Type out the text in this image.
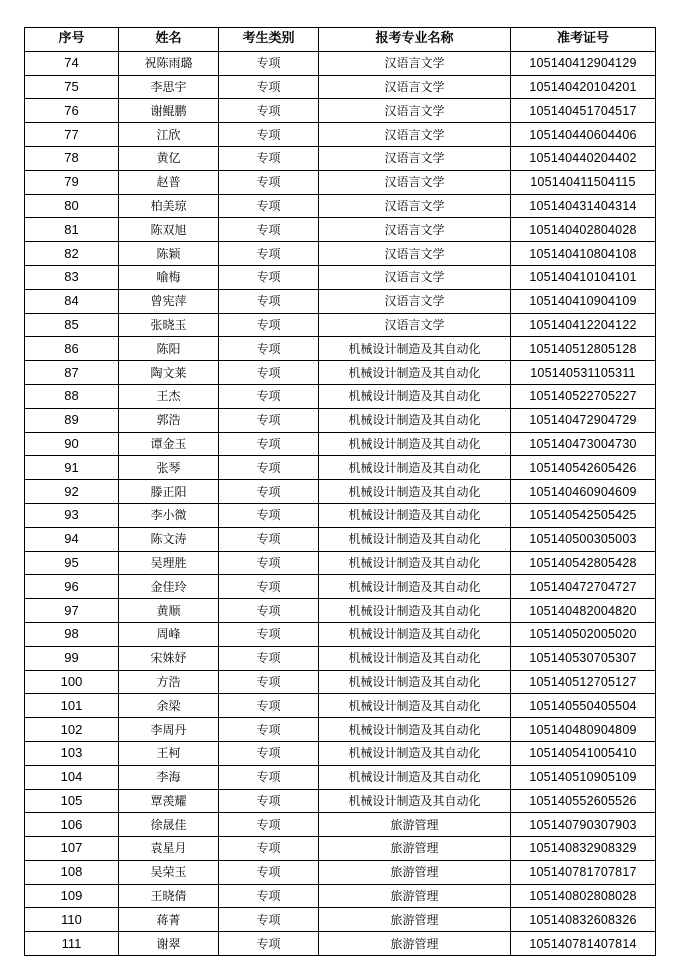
序号	姓名	考生类别	报考专业名称	准考证号
74	祝陈雨璐	专项	汉语言文学	105140412904129
75	李思宇	专项	汉语言文学	105140420104201
76	谢鲲鹏	专项	汉语言文学	105140451704517
77	江欣	专项	汉语言文学	105140440604406
78	黄亿	专项	汉语言文学	105140440204402
79	赵普	专项	汉语言文学	105140411504115
80	柏美琼	专项	汉语言文学	105140431404314
81	陈双旭	专项	汉语言文学	105140402804028
82	陈颖	专项	汉语言文学	105140410804108
83	喻梅	专项	汉语言文学	105140410104101
84	曾宪萍	专项	汉语言文学	105140410904109
85	张晓玉	专项	汉语言文学	105140412204122
86	陈阳	专项	机械设计制造及其自动化	105140512805128
87	陶文莱	专项	机械设计制造及其自动化	105140531105311
88	王杰	专项	机械设计制造及其自动化	105140522705227
89	郭浩	专项	机械设计制造及其自动化	105140472904729
90	谭金玉	专项	机械设计制造及其自动化	105140473004730
91	张琴	专项	机械设计制造及其自动化	105140542605426
92	滕正阳	专项	机械设计制造及其自动化	105140460904609
93	李小微	专项	机械设计制造及其自动化	105140542505425
94	陈文涛	专项	机械设计制造及其自动化	105140500305003
95	吴理胜	专项	机械设计制造及其自动化	105140542805428
96	金佳玲	专项	机械设计制造及其自动化	105140472704727
97	黄顺	专项	机械设计制造及其自动化	105140482004820
98	周峰	专项	机械设计制造及其自动化	105140502005020
99	宋姝妤	专项	机械设计制造及其自动化	105140530705307
100	方浩	专项	机械设计制造及其自动化	105140512705127
101	余梁	专项	机械设计制造及其自动化	105140550405504
102	李周丹	专项	机械设计制造及其自动化	105140480904809
103	王柯	专项	机械设计制造及其自动化	105140541005410
104	李海	专项	机械设计制造及其自动化	105140510905109
105	覃羡耀	专项	机械设计制造及其自动化	105140552605526
106	徐晟佳	专项	旅游管理	105140790307903
107	袁星月	专项	旅游管理	105140832908329
108	吴荣玉	专项	旅游管理	105140781707817
109	王晓倩	专项	旅游管理	105140802808028
110	蒋菁	专项	旅游管理	105140832608326
111	谢翠	专项	旅游管理	105140781407814
